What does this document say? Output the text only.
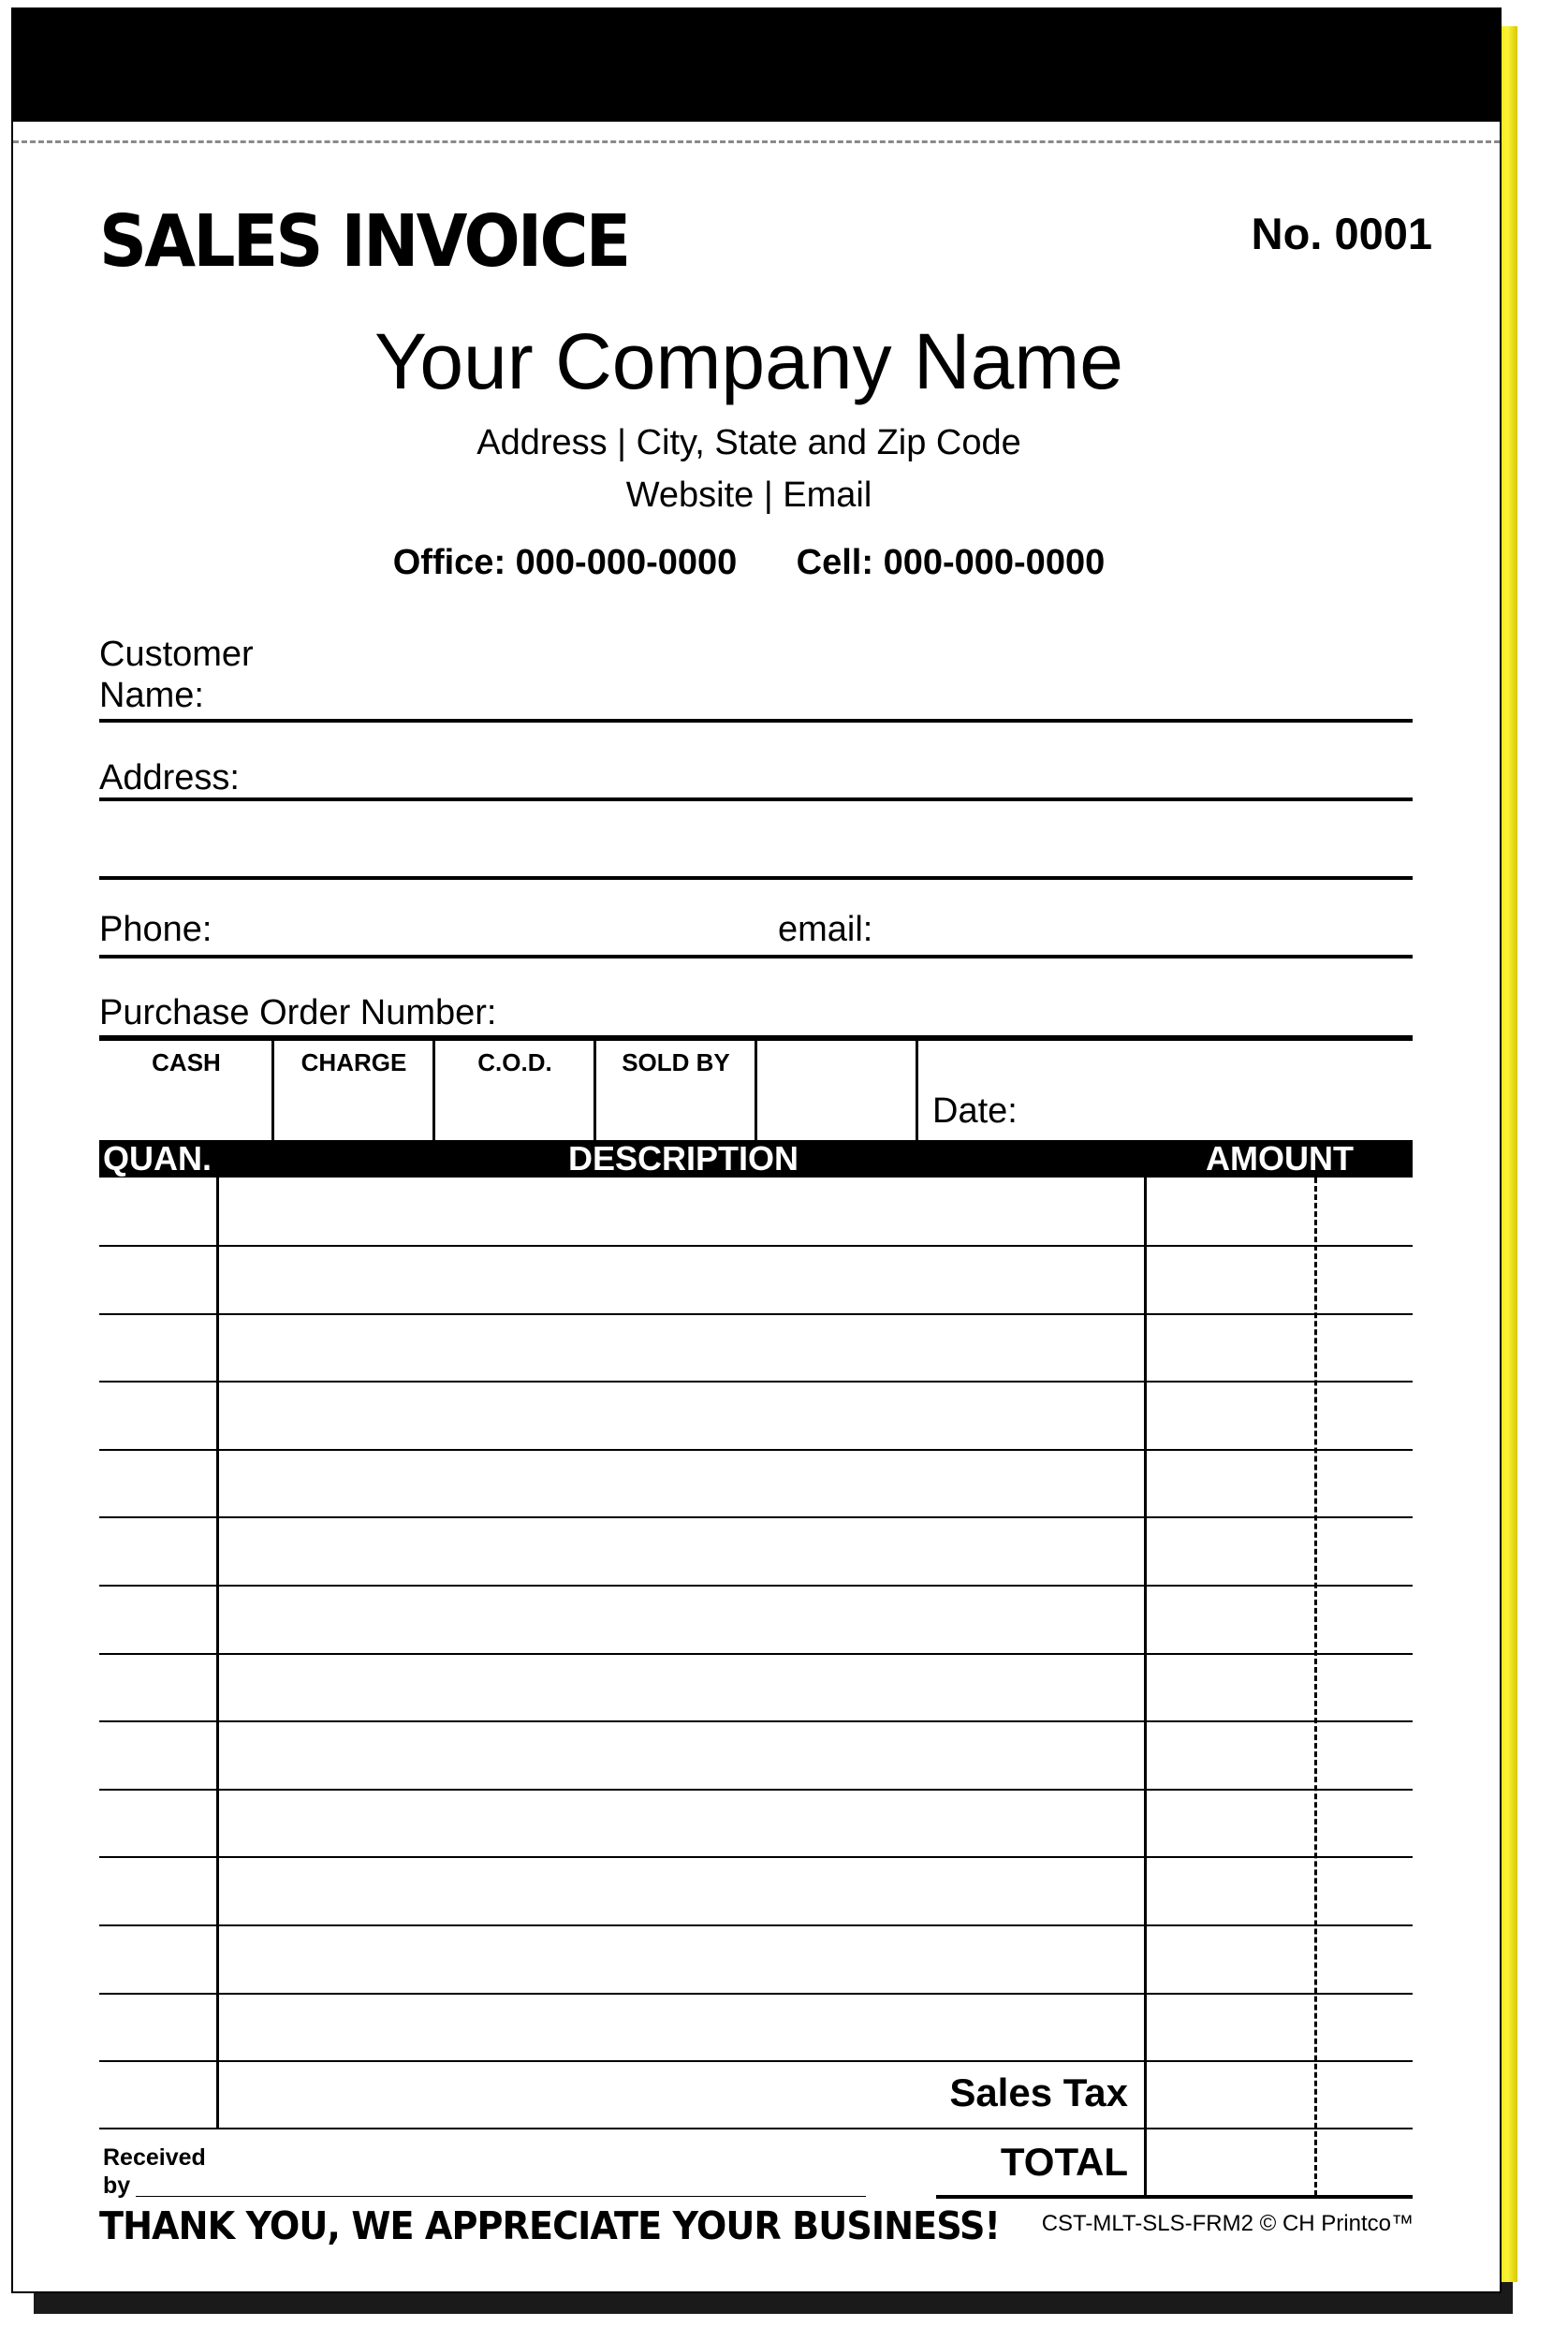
SALES INVOICE	No. 0001
Your Company Name
Address | City, State and Zip Code
Website | Email
Office: 000-000-0000 Cell: 000-000-0000
Customer
Name:
Address:
Phone:	email:
Purchase Order Number:
CASH	CHARGE	C.O.D.	SOLD BY
Date:
QUAN.	DESCRIPTION	AMOUNT
Sales Tax
TOTAL
Received
by
THANK YOU, WE APPRECIATE YOUR BUSINESS!	CST-MLT-SLS-FRM2 © CH Printco™
